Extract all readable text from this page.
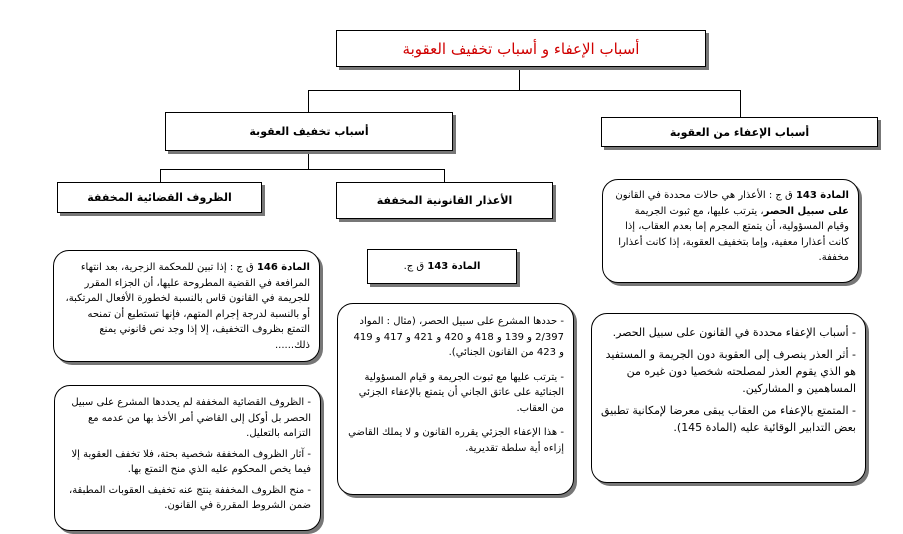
أسباب الإعفاء و أسباب تخفيف العقوبة
أسباب الإعفاء من العقوبة
أسباب تخفيف العقوبة
الظروف القضائية المخففة	الأعذار القانونية المخففة
المادة 143 ق ج.
المادة 143 ق ج : الأعذار هي حالات محددة في القانون على سبيل الحصر، يترتب عليها، مع ثبوت الجريمة وقيام المسؤولية، أن يتمتع المجرم إما بعدم العقاب، إذا كانت أعذارا معفية، وإما بتخفيف العقوبة، إذا كانت أعذارا مخففة.
- أسباب الإعفاء محددة في القانون على سبيل الحصر.
- أثر العذر ينصرف إلى العقوبة دون الجريمة و المستفيد هو الذي يقوم العذر لمصلحته شخصيا دون غيره من المساهمين و المشاركين.
- المتمتع بالإعفاء من العقاب يبقى معرضا لإمكانية تطبيق بعض التدابير الوقائية عليه (المادة 145).
المادة 146 ق ج : إذا تبين للمحكمة الزجرية، بعد انتهاء المرافعة في القضية المطروحة عليها، أن الجزاء المقرر للجريمة في القانون قاس بالنسبة لخطورة الأفعال المرتكبة، أو بالنسبة لدرجة إجرام المتهم، فإنها تستطيع أن تمنحه التمتع بظروف التخفيف، إلا إذا وجد نص قانوني يمنع ذلك......
- الظروف القضائية المخففة لم يحددها المشرع على سبيل الحصر بل أوكل إلى القاضي أمر الأخذ بها من عدمه مع التزامه بالتعليل.
- آثار الظروف المخففة شخصية بحتة، فلا تخفف العقوبة إلا فيما يخص المحكوم عليه الذي منح التمتع بها.
- منح الظروف المخففة ينتج عنه تخفيف العقوبات المطبقة، ضمن الشروط المقررة في القانون.
- حددها المشرع على سبيل الحصر، (مثال : المواد 2/397 و 139 و 418 و 420 و 421 و 417 و 419 و 423 من القانون الجنائي).
- يترتب عليها مع ثبوت الجريمة و قيام المسؤولية الجنائية على عاتق الجاني أن يتمتع بالإعفاء الجزئي من العقاب.
- هذا الإعفاء الجزئي يقرره القانون و لا يملك القاضي إزاءه أية سلطة تقديرية.
